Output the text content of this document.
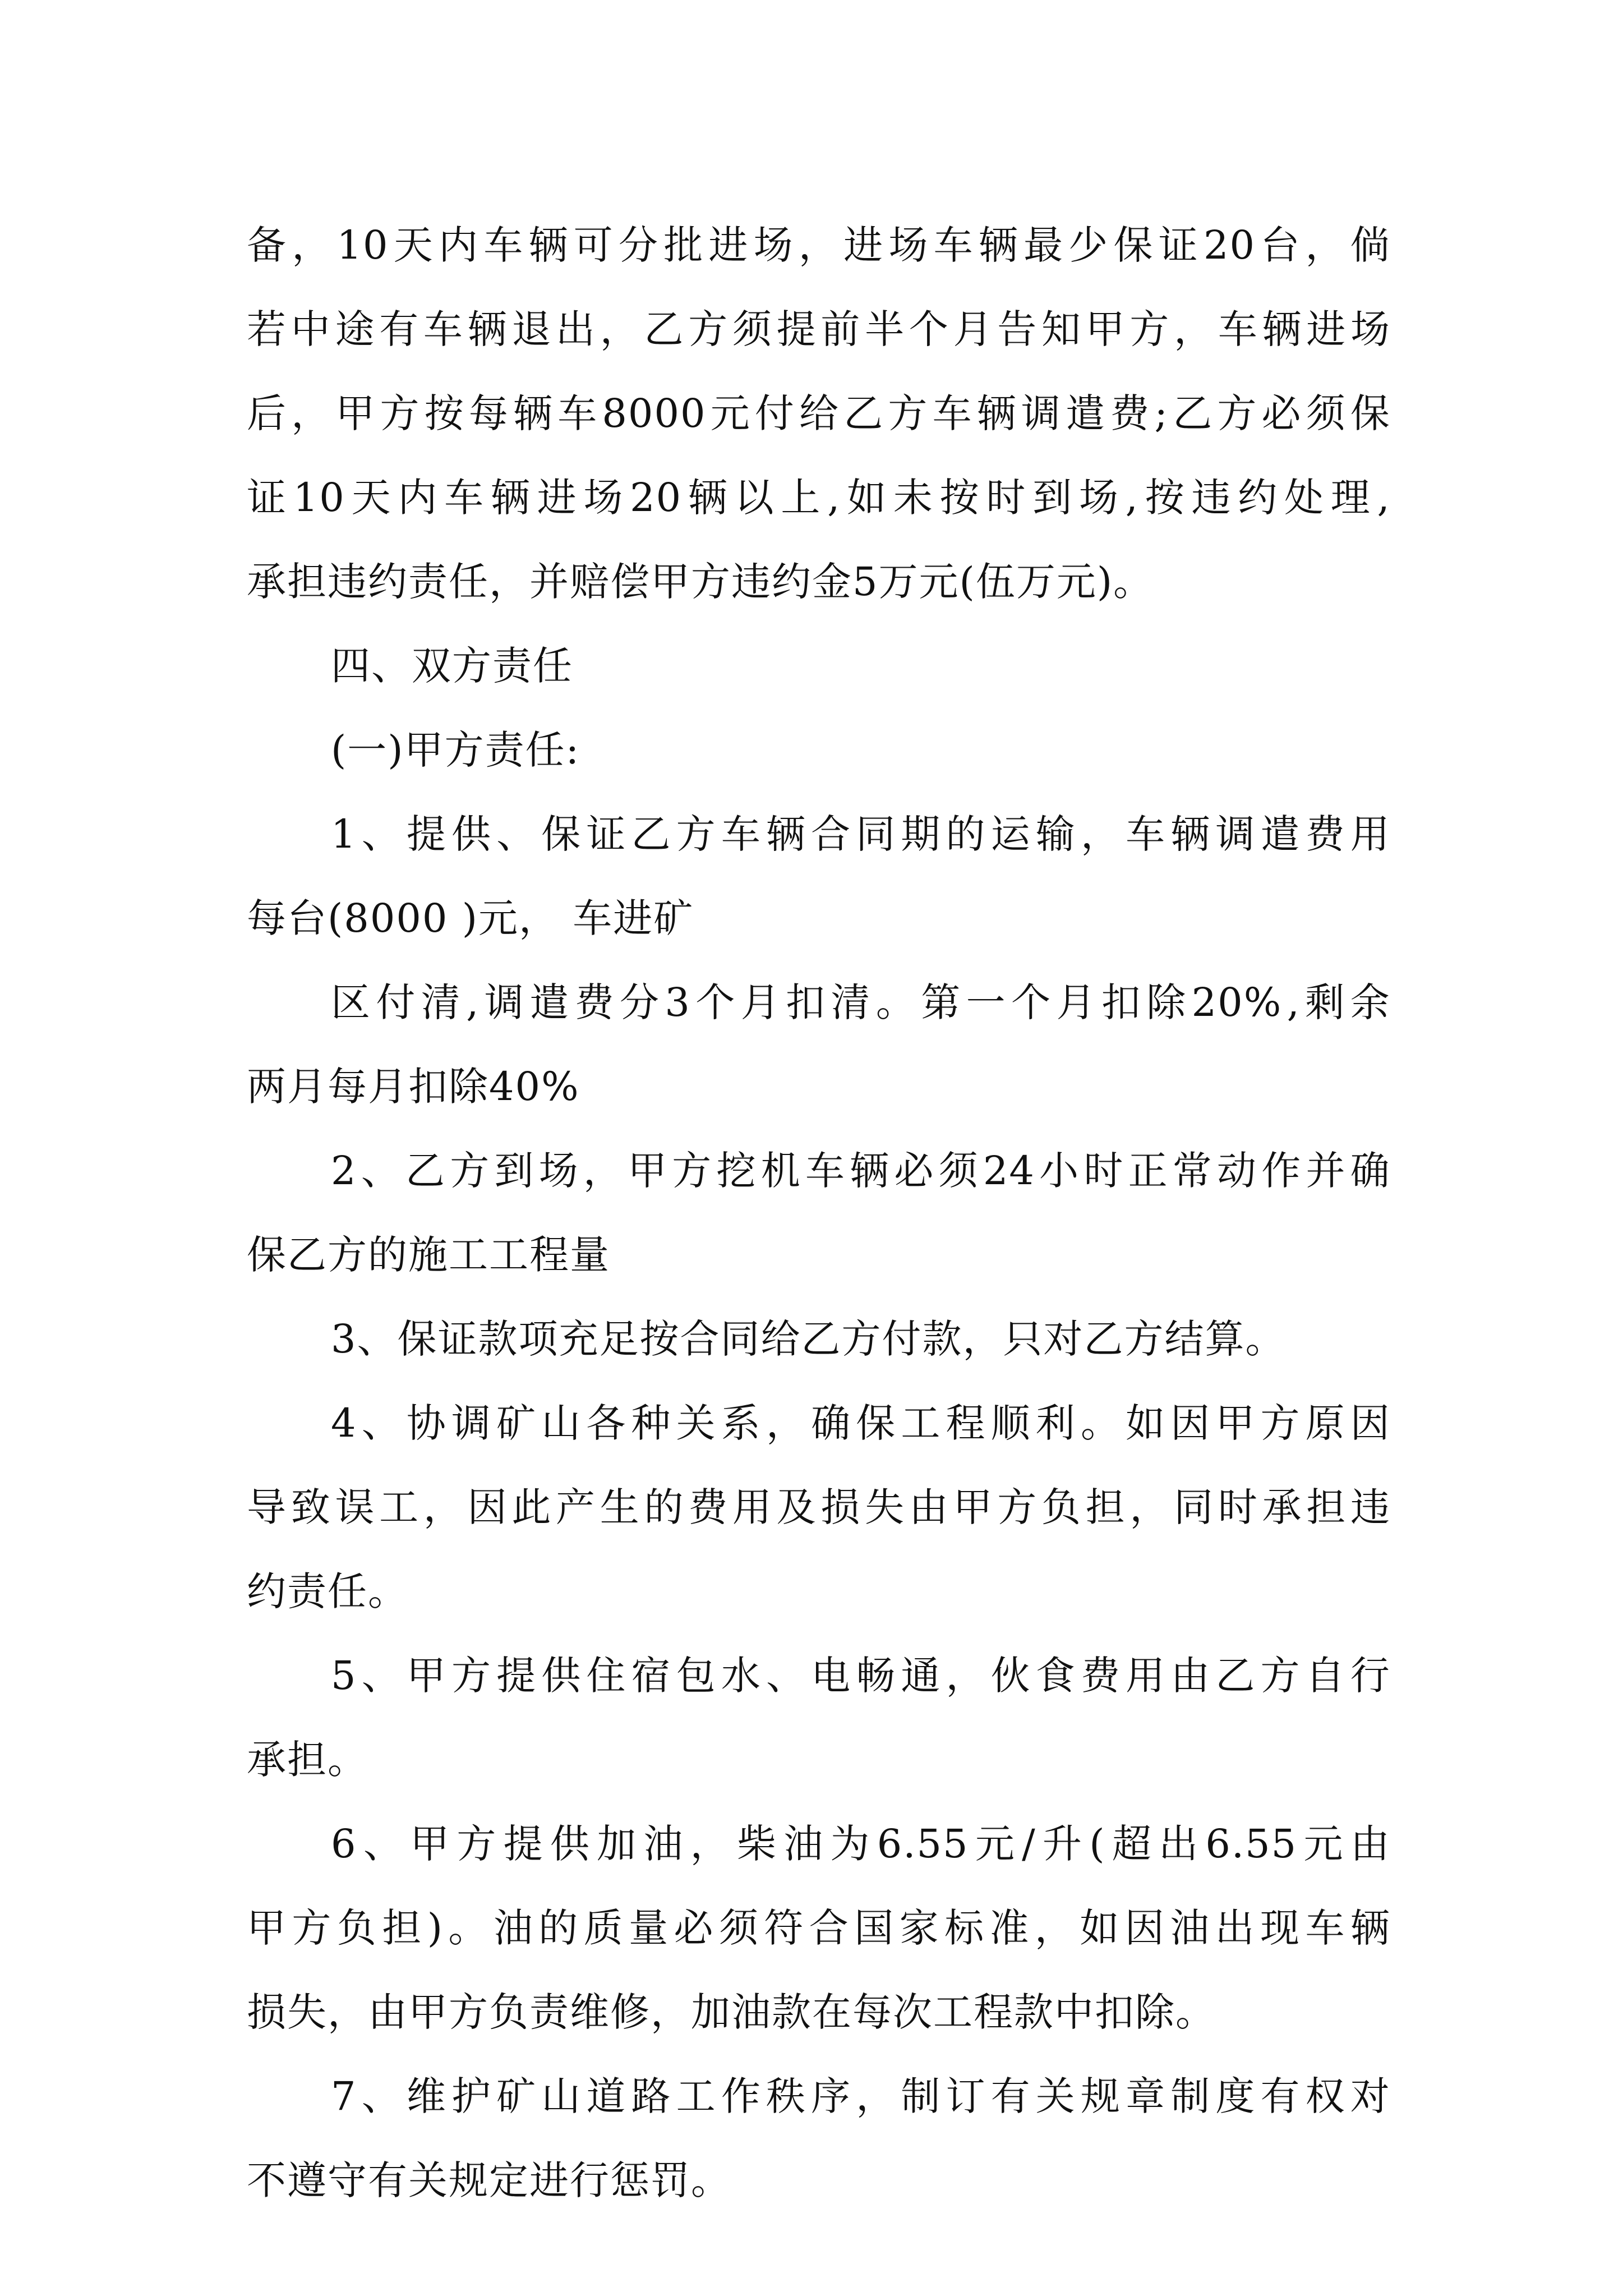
备 ， 10 天 内 车 辆 可 分 批 进 场 ， 进 场 车 辆 最 少 保 证 20 台 ， 倘
若 中 途 有 车 辆 退 出 ， 乙 方 须 提 前 半 个 月 告 知 甲 方 ， 车 辆 进 场
后 ， 甲 方 按 每 辆 车 8000 元 付 给 乙 方 车 辆 调 遣 费 ; 乙 方 必 须 保
证 10 天 内 车 辆 进 场 20 辆 以 上 , 如 未 按 时 到 场 , 按 违 约 处 理 ,
承担违约责任，并赔偿甲方违约金5万元(伍万元)。
四、双方责任
(一)甲方责任:
1 、 提 供 、 保 证 乙 方 车 辆 合 同 期 的 运 输 ， 车 辆 调 遣 费 用
每台(8000 )元， 车进矿
区 付 清 , 调 遣 费 分 3 个 月 扣 清 。 第 一 个 月 扣 除 20% , 剩 余
两月每月扣除40%
2 、 乙 方 到 场 ， 甲 方 挖 机 车 辆 必 须 24 小 时 正 常 动 作 并 确
保乙方的施工工程量
3、保证款项充足按合同给乙方付款，只对乙方结算。
4 、 协 调 矿 山 各 种 关 系 ， 确 保 工 程 顺 利 。 如 因 甲 方 原 因
导 致 误 工 ， 因 此 产 生 的 费 用 及 损 失 由 甲 方 负 担 ， 同 时 承 担 违
约责任。
5 、 甲 方 提 供 住 宿 包 水 、 电 畅 通 ， 伙 食 费 用 由 乙 方 自 行
承担。
6 、 甲 方 提 供 加 油 ， 柴 油 为 6.55 元 / 升 ( 超 出 6.55 元 由
甲 方 负 担 ) 。 油 的 质 量 必 须 符 合 国 家 标 准 ， 如 因 油 出 现 车 辆
损失，由甲方负责维修，加油款在每次工程款中扣除。
7 、 维 护 矿 山 道 路 工 作 秩 序 ， 制 订 有 关 规 章 制 度 有 权 对
不遵守有关规定进行惩罚。
